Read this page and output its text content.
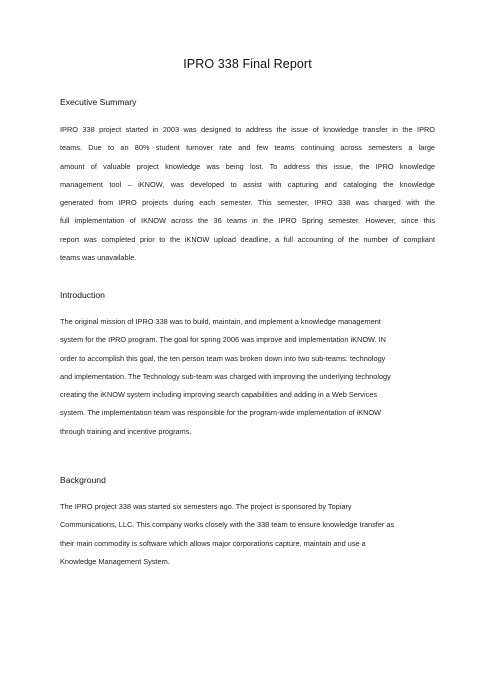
IPRO 338 Final Report
Executive Summary
IPRO 338 project started in 2003 was designed to address the issue of knowledge transfer in the IPRO
teams. Due to an 80% student turnover rate and few teams continuing across semesters a large
amount of valuable project knowledge was being lost. To address this issue, the IPRO knowledge
management tool – iKNOW, was developed to assist with capturing and cataloging the knowledge
generated from IPRO projects during each semester. This semester, IPRO 338 was charged with the
full implementation of IKNOW across the 36 teams in the IPRO Spring semester. However, since this
report was completed prior to the iKNOW upload deadline, a full accounting of the number of compliant
teams was unavailable.
Introduction
The original mission of IPRO 338 was to build, maintain, and implement a knowledge management
system for the IPRO program. The goal for spring 2006 was improve and implementation iKNOW. IN
order to accomplish this goal, the ten person team was broken down into two sub-teams: technology
and implementation. The Technology sub-team was charged with improving the underlying technology
creating the iKNOW system including improving search capabilities and adding in a Web Services
system. The implementation team was responsible for the program-wide implementation of iKNOW
through training and incentive programs.
Background
The IPRO project 338 was started six semesters ago. The project is sponsored by Topiary
Communications, LLC. This company works closely with the 338 team to ensure knowledge transfer as
their main commodity is software which allows major corporations capture, maintain and use a
Knowledge Management System.
